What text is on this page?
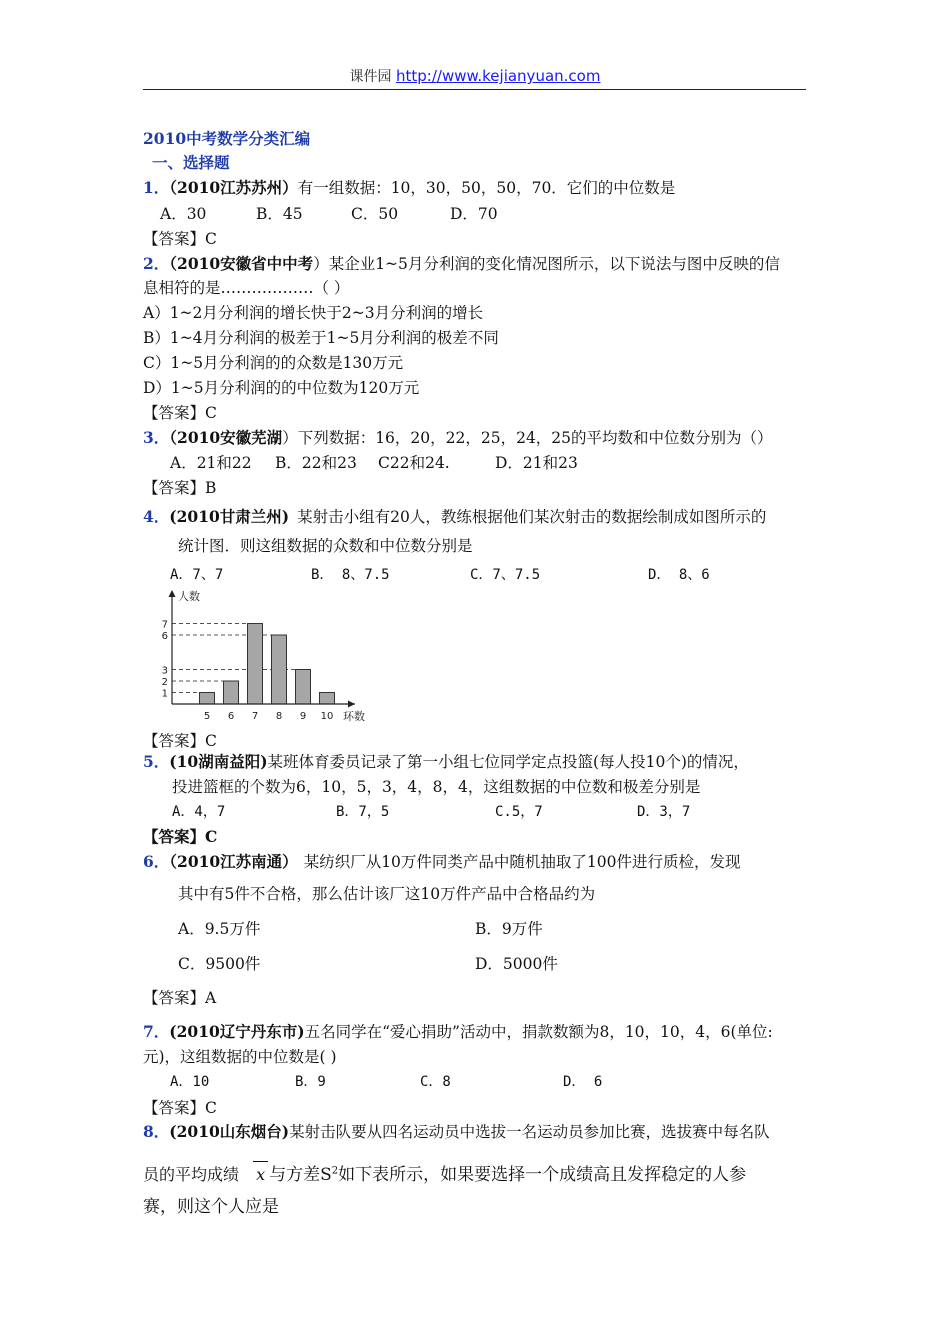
课件园 http://www.kejianyuan.com
2010中考数学分类汇编
一、选择题
1．（2010江苏苏州）有一组数据：10，30，50，50，70．它们的中位数是
A．30	B．45	C．50	D．70
【答案】C
2．（2010安徽省中中考）某企业1~5月分利润的变化情况图所示，以下说法与图中反映的信
息相符的是………………（ ）
A）1~2月分利润的增长快于2~3月分利润的增长
B）1~4月分利润的极差于1~5月分利润的极差不同
C）1~5月分利润的的众数是130万元
D）1~5月分利润的的中位数为120万元
【答案】C
3．（2010安徽芜湖）下列数据：16，20，22，25，24，25的平均数和中位数分别为（）
A．21和22 B．22和23 C22和24.	D．21和23
【答案】B
4．(2010甘肃兰州) 某射击小组有20人，教练根据他们某次射击的数据绘制成如图所示的
统计图．则这组数据的众数和中位数分别是
A．7、7	B． 8、7.5	C．7、7.5	D． 8、6
1
2
3
6
7
5 6 7 8 9 10
人数
环数
【答案】C
5．(10湖南益阳)某班体育委员记录了第一小组七位同学定点投篮(每人投10个)的情况，
投进篮框的个数为6，10，5，3，4，8，4，这组数据的中位数和极差分别是
A．4，7	B．7，5	C.5，7	D．3，7
【答案】C
6．（2010江苏南通） 某纺织厂从10万件同类产品中随机抽取了100件进行质检，发现
其中有5件不合格，那么估计该厂这10万件产品中合格品约为
A．9.5万件	B．9万件
C．9500件	D．5000件
【答案】A
7．(2010辽宁丹东市)五名同学在“爱心捐助”活动中，捐款数额为8，10，10，4，6(单位:
元)，这组数据的中位数是( )
A．10	B．9	C．8	D． 6
【答案】C
8．(2010山东烟台)某射击队要从四名运动员中选拔一名运动员参加比赛，选拔赛中每名队
员的平均成绩 x 与方差$S^2$如下表所示，如果要选择一个成绩高且发挥稳定的人参
赛，则这个人应是
